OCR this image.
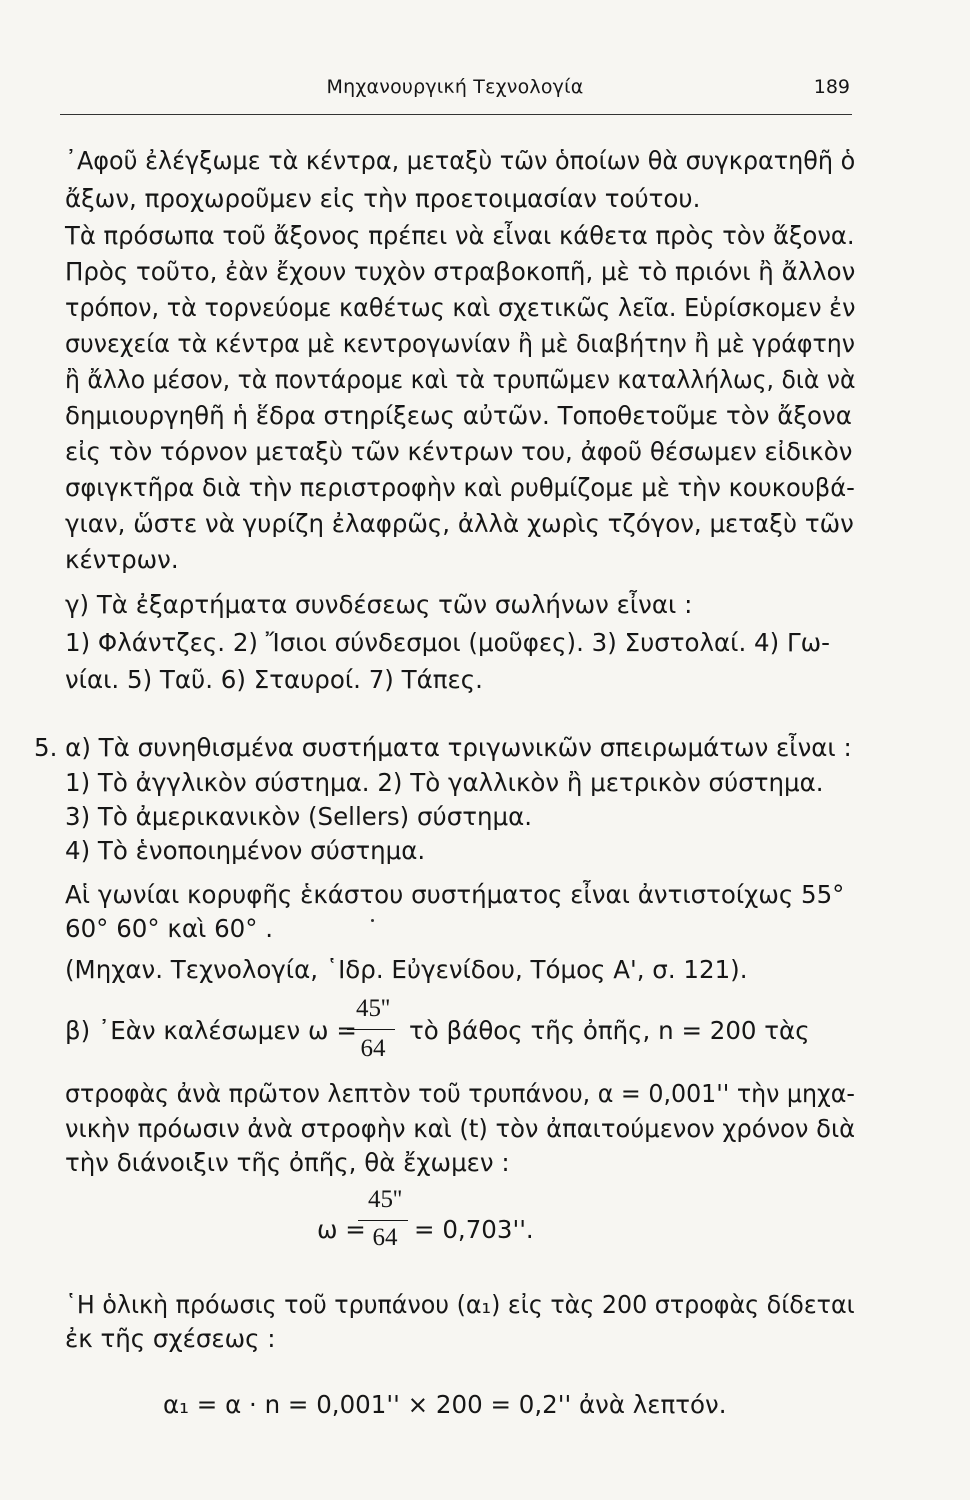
Μηχανουργική Τεχνολογία	189
᾿Αφοῦ ἐλέγξωμε τὰ κέντρα, μεταξὺ τῶν ὁποίων θὰ συγκρατηθῆ ὁ
ἄξων, προχωροῦμεν εἰς τὴν προετοιμασίαν τούτου.
Τὰ πρόσωπα τοῦ ἄξονος πρέπει νὰ εἶναι κάθετα πρὸς τὸν ἄξονα.
Πρὸς τοῦτο, ἐὰν ἔχουν τυχὸν στραβοκοπῆ, μὲ τὸ πριόνι ἢ ἄλλον
τρόπον, τὰ τορνεύομε καθέτως καὶ σχετικῶς λεῖα. Εὑρίσκομεν ἐν
συνεχεία τὰ κέντρα μὲ κεντρογωνίαν ἢ μὲ διαβήτην ἢ μὲ γράφτην
ἢ ἄλλο μέσον, τὰ ποντάρομε καὶ τὰ τρυπῶμεν καταλλήλως, διὰ νὰ
δημιουργηθῆ ἡ ἕδρα στηρίξεως αὐτῶν. Τοποθετοῦμε τὸν ἄξονα
εἰς τὸν τόρνον μεταξὺ τῶν κέντρων του, ἀφοῦ θέσωμεν εἰδικὸν
σφιγκτῆρα διὰ τὴν περιστροφὴν καὶ ρυθμίζομε μὲ τὴν κουκουβά-
γιαν, ὥστε νὰ γυρίζη ἐλαφρῶς, ἀλλὰ χωρὶς τζόγον, μεταξὺ τῶν
κέντρων.
γ) Τὰ ἐξαρτήματα συνδέσεως τῶν σωλήνων εἶναι :
1) Φλάντζες. 2) Ἴσιοι σύνδεσμοι (μοῦφες). 3) Συστολαί. 4) Γω-
νίαι. 5) Ταῦ. 6) Σταυροί. 7) Τάπες.
5. α) Τὰ συνηθισμένα συστήματα τριγωνικῶν σπειρωμάτων εἶναι :
1) Τὸ ἀγγλικὸν σύστημα. 2) Τὸ γαλλικὸν ἢ μετρικὸν σύστημα.
3) Τὸ ἀμερικανικὸν (Sellers) σύστημα.
4) Τὸ ἑνοποιημένον σύστημα.
Αἱ γωνίαι κορυφῆς ἑκάστου συστήματος εἶναι ἀντιστοίχως 55°
60° 60° καὶ 60° .
(Μηχαν. Τεχνολογία, ῾Ιδρ. Εὐγενίδου, Τόμος Α', σ. 121).
β) ᾿Εὰν καλέσωμεν ω =
45''
64
τὸ βάθος τῆς ὀπῆς, n = 200 τὰς
στροφὰς ἀνὰ πρῶτον λεπτὸν τοῦ τρυπάνου, α = 0,001'' τὴν μηχα-
νικὴν πρόωσιν ἀνὰ στροφὴν καὶ (t) τὸν ἀπαιτούμενον χρόνον διὰ
τὴν διάνοιξιν τῆς ὀπῆς, θὰ ἔχωμεν :
ω =
45''
64 = 0,703''.
῾Η ὁλικὴ πρόωσις τοῦ τρυπάνου (α₁) εἰς τὰς 200 στροφὰς δίδεται
ἐκ τῆς σχέσεως :
α₁ = α · n = 0,001'' × 200 = 0,2'' ἀνὰ λεπτόν.
